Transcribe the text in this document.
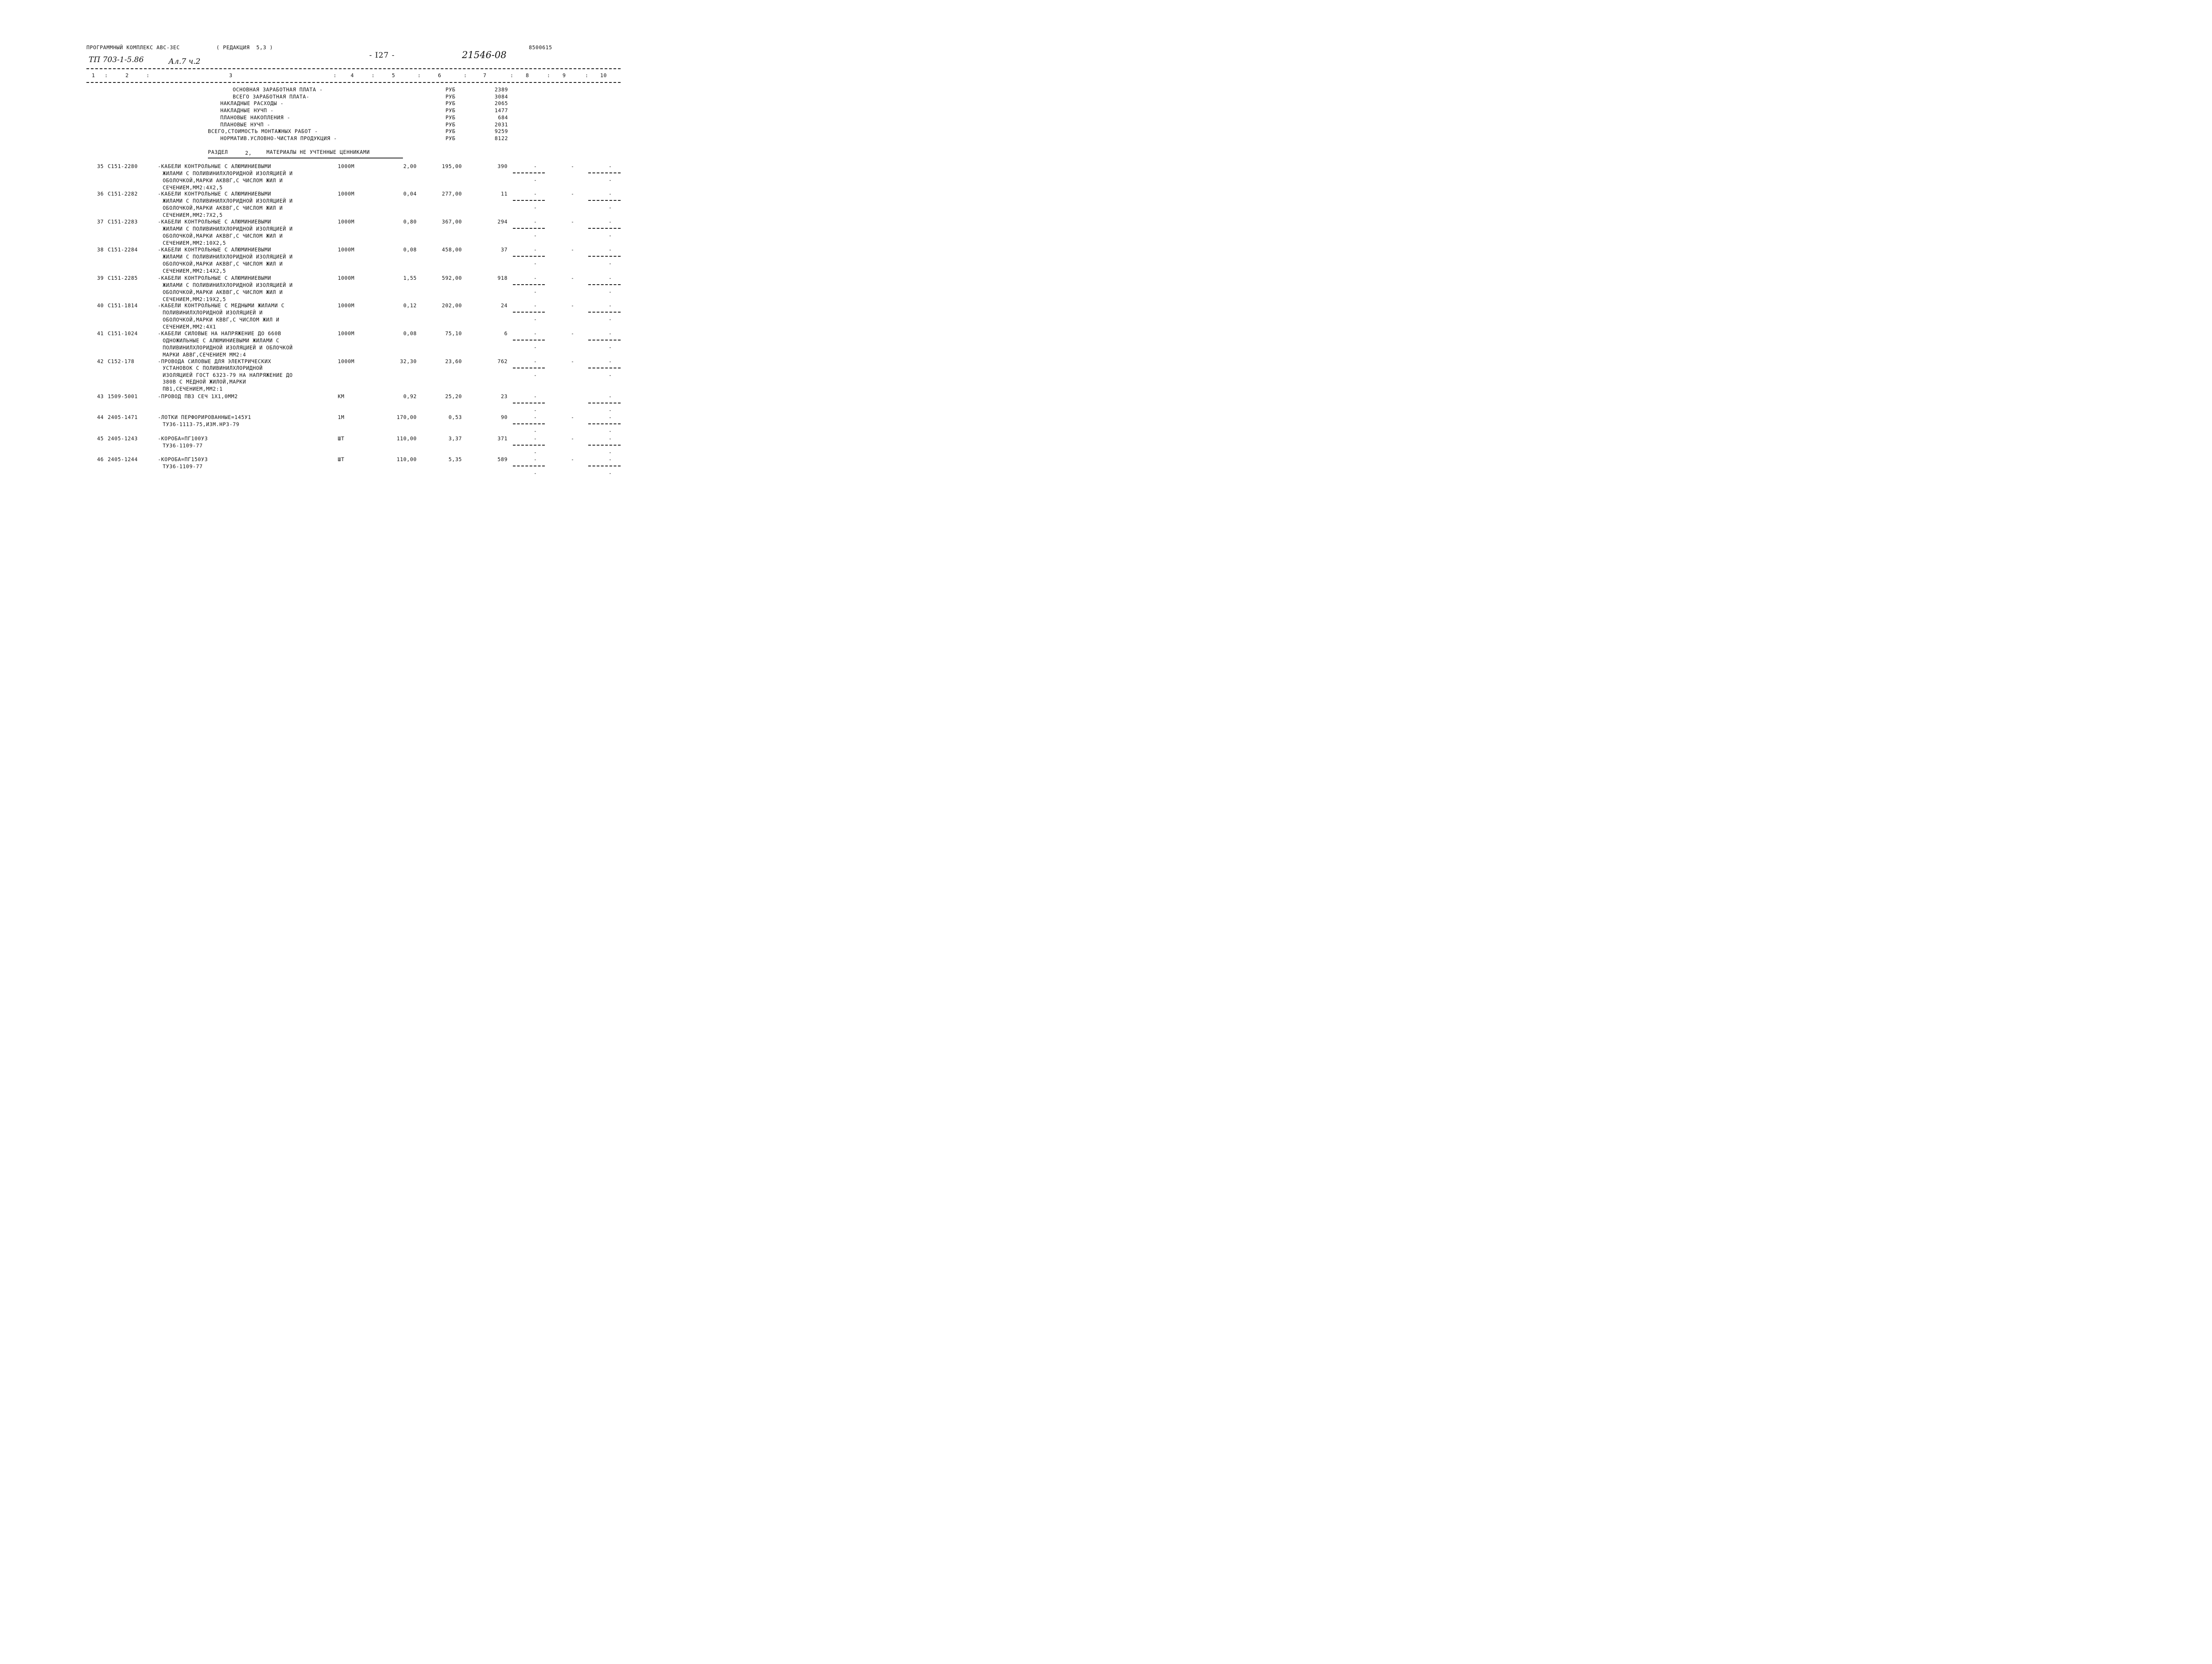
ПРОГРАММНЫЙ КОМПЛЕКС АВС-3ЕС	( РЕДАКЦИЯ  5,3 )	8500615
ТП 703-1-5.86	Ал.7 ч.2
- I27 -	21546-08
1 :	2	:	3	:	4	:	5	:	6	:	7	: 8	: 9	: 10
ОСНОВНАЯ ЗАРАБОТНАЯ ПЛАТА -	РУБ	2389
ВСЕГО ЗАРАБОТНАЯ ПЛАТА-	РУБ	3084
НАКЛАДНЫЕ РАСХОДЫ -	РУБ	2065
НАКЛАДНЫЕ НУЧП -	РУБ	1477
ПЛАНОВЫЕ НАКОПЛЕНИЯ -	РУБ	684
ПЛАНОВЫЕ НУЧП -	РУБ	2031
ВСЕГО,СТОИМОСТЬ МОНТАЖНЫХ РАБОТ -	РУБ	9259
НОРМАТИВ.УСЛОВНО-ЧИСТАЯ ПРОДУКЦИЯ -	РУБ	8122
РАЗДЕЛ	2,	МАТЕРИАЛЫ НЕ УЧТЕННЫЕ ЦЕННИКАМИ
35 С151-2280	-КАБЕЛИ КОНТРОЛЬНЫЕ С АЛЮМИНИЕВЫМИ
ЖИЛАМИ С ПОЛИВИНИЛХЛОРИДНОЙ ИЗОЛЯЦИЕЙ И
ОБОЛОЧКОЙ,МАРКИ АКВВГ,С ЧИСЛОМ ЖИЛ И
СЕЧЕНИЕМ,ММ2:4Х2,5
1000М	2,00	195,00	390	-	-	-
-	-
36 С151-2282	-КАБЕЛИ КОНТРОЛЬНЫЕ С АЛЮМИНИЕВЫМИ
ЖИЛАМИ С ПОЛИВИНИЛХЛОРИДНОЙ ИЗОЛЯЦИЕЙ И
ОБОЛОЧКОЙ,МАРКИ АКВВГ,С ЧИСЛОМ ЖИЛ И
СЕЧЕНИЕМ,ММ2:7Х2,5
1000М	0,04	277,00	11	-	-	-
-	-
37 С151-2283	-КАБЕЛИ КОНТРОЛЬНЫЕ С АЛЮМИНИЕВЫМИ
ЖИЛАМИ С ПОЛИВИНИЛХЛОРИДНОЙ ИЗОЛЯЦИЕЙ И
ОБОЛОЧКОЙ,МАРКИ АКВВГ,С ЧИСЛОМ ЖИЛ И
СЕЧЕНИЕМ,ММ2:10Х2,5
1000М	0,80	367,00	294	-	-	-
-	-
38 С151-2284	-КАБЕЛИ КОНТРОЛЬНЫЕ С АЛЮМИНИЕВЫМИ
ЖИЛАМИ С ПОЛИВИНИЛХЛОРИДНОЙ ИЗОЛЯЦИЕЙ И
ОБОЛОЧКОЙ,МАРКИ АКВВГ,С ЧИСЛОМ ЖИЛ И
СЕЧЕНИЕМ,ММ2:14Х2,5
1000М	0,08	458,00	37	-	-	-
-	-
39 С151-2285	-КАБЕЛИ КОНТРОЛЬНЫЕ С АЛЮМИНИЕВЫМИ
ЖИЛАМИ С ПОЛИВИНИЛХЛОРИДНОЙ ИЗОЛЯЦИЕЙ И
ОБОЛОЧКОЙ,МАРКИ АКВВГ,С ЧИСЛОМ ЖИЛ И
СЕЧЕНИЕМ,ММ2:19Х2,5
1000М	1,55	592,00	918	-	-	-
-	-
40 С151-1814	-КАБЕЛИ КОНТРОЛЬНЫЕ С МЕДНЫМИ ЖИЛАМИ С
ПОЛИВИНИЛХЛОРИДНОЙ ИЗОЛЯЦИЕЙ И
ОБОЛОЧКОЙ,МАРКИ КВВГ,С ЧИСЛОМ ЖИЛ И
СЕЧЕНИЕМ,ММ2:4Х1
1000М	0,12	202,00	24	-	-	-
-	-
41 С151-1024	-КАБЕЛИ СИЛОВЫЕ НА НАПРЯЖЕНИЕ ДО 660В
ОДНОЖИЛЬНЫЕ С АЛЮМИНИЕВЫМИ ЖИЛАМИ С
ПОЛИВИНИЛХЛОРИДНОЙ ИЗОЛЯЦИЕЙ И ОБЛОЧКОЙ
МАРКИ АВВГ,СЕЧЕНИЕМ ММ2:4
1000М	0,08	75,10	6	-	-	-
-	-
42 С152-178	-ПРОВОДА СИЛОВЫЕ ДЛЯ ЭЛЕКТРИЧЕСКИХ
УСТАНОВОК С ПОЛИВИНИЛХЛОРИДНОЙ
ИЗОЛЯЦИЕЙ ГОСТ 6323-79 НА НАПРЯЖЕНИЕ ДО
380В С МЕДНОЙ ЖИЛОЙ,МАРКИ
ПВ1,СЕЧЕНИЕМ,ММ2:1
1000М	32,30	23,60	762	-	-	-
-	-
43 1509-5001	-ПРОВОД ПВ3 СЕЧ 1Х1,0ММ2	КМ	0,92	25,20	23	-	-
-	-
44 2405-1471	-ЛОТКИ ПЕРФОРИРОВАННЫЕ=145У1
ТУ36-1113-75,ИЗМ.НР3-79
1М	170,00	0,53	90	-	-	-
-	-
45 2405-1243	-КОРОБА=ПГ100У3
ТУ36-1109-77
ШТ	110,00	3,37	371	-	-	-
-	-
46 2405-1244	-КОРОБА=ПГ150У3
ТУ36-1109-77
ШТ	110,00	5,35	589	-	-	-
-	-
